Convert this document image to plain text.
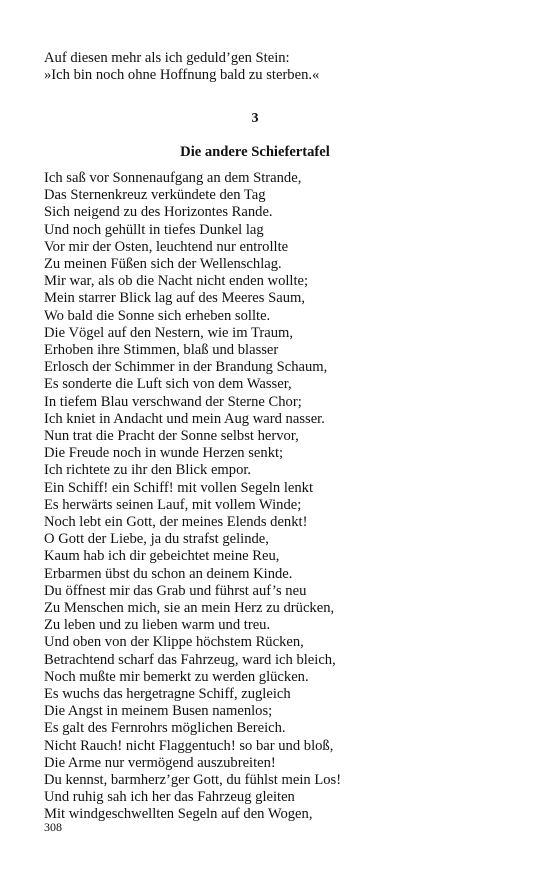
Auf diesen mehr als ich geduld’gen Stein:
»Ich bin noch ohne Hoffnung bald zu sterben.«
3
Die andere Schiefertafel
Ich saß vor Sonnenaufgang an dem Strande,
Das Sternenkreuz verkündete den Tag
Sich neigend zu des Horizontes Rande.
Und noch gehüllt in tiefes Dunkel lag
Vor mir der Osten, leuchtend nur entrollte
Zu meinen Füßen sich der Wellenschlag.
Mir war, als ob die Nacht nicht enden wollte;
Mein starrer Blick lag auf des Meeres Saum,
Wo bald die Sonne sich erheben sollte.
Die Vögel auf den Nestern, wie im Traum,
Erhoben ihre Stimmen, blaß und blasser
Erlosch der Schimmer in der Brandung Schaum,
Es sonderte die Luft sich von dem Wasser,
In tiefem Blau verschwand der Sterne Chor;
Ich kniet in Andacht und mein Aug ward nasser.
Nun trat die Pracht der Sonne selbst hervor,
Die Freude noch in wunde Herzen senkt;
Ich richtete zu ihr den Blick empor.
Ein Schiff! ein Schiff! mit vollen Segeln lenkt
Es herwärts seinen Lauf, mit vollem Winde;
Noch lebt ein Gott, der meines Elends denkt!
O Gott der Liebe, ja du strafst gelinde,
Kaum hab ich dir gebeichtet meine Reu,
Erbarmen übst du schon an deinem Kinde.
Du öffnest mir das Grab und führst auf’s neu
Zu Menschen mich, sie an mein Herz zu drücken,
Zu leben und zu lieben warm und treu.
Und oben von der Klippe höchstem Rücken,
Betrachtend scharf das Fahrzeug, ward ich bleich,
Noch mußte mir bemerkt zu werden glücken.
Es wuchs das hergetragne Schiff, zugleich
Die Angst in meinem Busen namenlos;
Es galt des Fernrohrs möglichen Bereich.
Nicht Rauch! nicht Flaggentuch! so bar und bloß,
Die Arme nur vermögend auszubreiten!
Du kennst, barmherz’ger Gott, du fühlst mein Los!
Und ruhig sah ich her das Fahrzeug gleiten
Mit windgeschwellten Segeln auf den Wogen,
308
